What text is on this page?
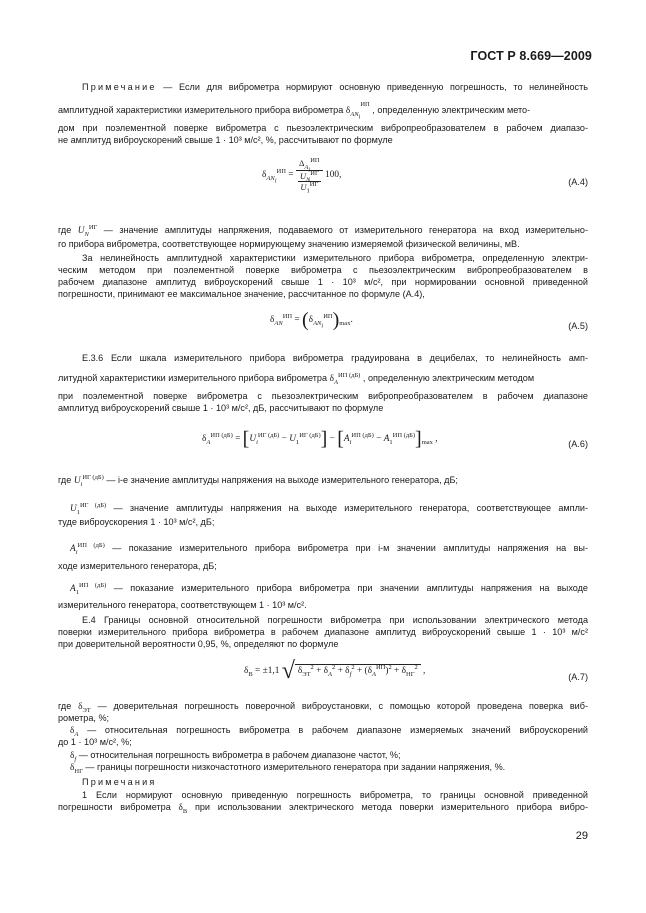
ГОСТ Р 8.669—2009
Примечание — Если для виброметра нормируют основную приведенную погрешность, то нелинейность
амплитудной характеристики измерительного прибора виброметра $\delta_{AN_i}^{ИП}$ , определенную электрическим мето-
дом при поэлементной поверке виброметра с пьезоэлектрическим вибропреобразователем в рабочем диапазо-
не амплитуд виброускорений свыше 1 · 10³ м/с², %, рассчитывают по формуле
$\delta_{AN_i}^{ИП} = \frac{\Delta_{A_i}^{ИП}}{\frac{U_N^{ИГ}}{U_1^{ИГ}}} 100$,
(А.4)
где $U_N^{ИГ}$ — значение амплитуды напряжения, подаваемого от измерительного генератора на вход измерительно-
го прибора виброметра, соответствующее нормирующему значению измеряемой физической величины, мВ.
За нелинейность амплитудной характеристики измерительного прибора виброметра, определенную электри-
ческим методом при поэлементной поверке виброметра с пьезоэлектрическим вибропреобразователем в
рабочем диапазоне амплитуд виброускорений свыше 1 · 10³ м/с², при нормировании основной приведенной
погрешности, принимают ее максимальное значение, рассчитанное по формуле (А.4),
$\delta_{AN}^{ИП} = (\delta_{AN_i}^{ИП})_{max}$.
(А.5)
Е.3.6 Если шкала измерительного прибора виброметра градуирована в децибелах, то нелинейность амп-
литудной характеристики измерительного прибора виброметра $\delta_A^{ИП (дБ)}$ , определенную электрическим методом
при поэлементной поверке виброметра с пьезоэлектрическим вибропреобразователем в рабочем диапазоне
амплитуд виброускорений свыше 1 · 10³ м/с², дБ, рассчитывают по формуле
$\delta_A^{ИП (дБ)} = [U_i^{ИГ (дБ)} - U_1^{ИГ (дБ)}] - [A_i^{ИП (дБ)} - A_1^{ИП (дБ)}]_{max}$ ,	(А.6)
где $U_i^{ИГ (дБ)}$ — i-е значение амплитуды напряжения на выходе измерительного генератора, дБ;
$U_1^{ИГ (дБ)}$ — значение амплитуды напряжения на выходе измерительного генератора, соответствующее ампли-
туде виброускорения 1 · 10³ м/с², дБ;
$A_i^{ИП (дБ)}$ — показание измерительного прибора виброметра при i-м значении амплитуды напряжения на вы-
ходе измерительного генератора, дБ;
$A_1^{ИП (дБ)}$ — показание измерительного прибора виброметра при значении амплитуды напряжения на выходе
измерительного генератора, соответствующем 1 · 10³ м/с².
Е.4 Границы основной относительной погрешности виброметра при использовании электрического метода
поверки измерительного прибора виброметра в рабочем диапазоне амплитуд виброускорений свыше 1 · 10³ м/с²
при доверительной вероятности 0,95, %, определяют по формуле
$\delta_В = \pm 1,1$ √ $\delta_{ЭТ}^2 + \delta_A^2 + \delta_f^2 + (\delta_A^{ИП})^2 + \delta_{НГ}^2$ ,
(А.7)
где $\delta_{ЭТ}$ — доверительная погрешность поверочной виброустановки, с помощью которой проведена поверка виб-
рометра, %;
$\delta_A$ — относительная погрешность виброметра в рабочем диапазоне измеряемых значений виброускорений
до 1 · 10³ м/с², %;
$\delta_f$ — относительная погрешность виброметра в рабочем диапазоне частот, %;
$\delta_{НГ}$ — границы погрешности низкочастотного измерительного генератора при задании напряжения, %.
Примечания
1 Если нормируют основную приведенную погрешность виброметра, то границы основной приведенной
погрешности виброметра $\delta_В$ при использовании электрического метода поверки измерительного прибора вибро-
29
